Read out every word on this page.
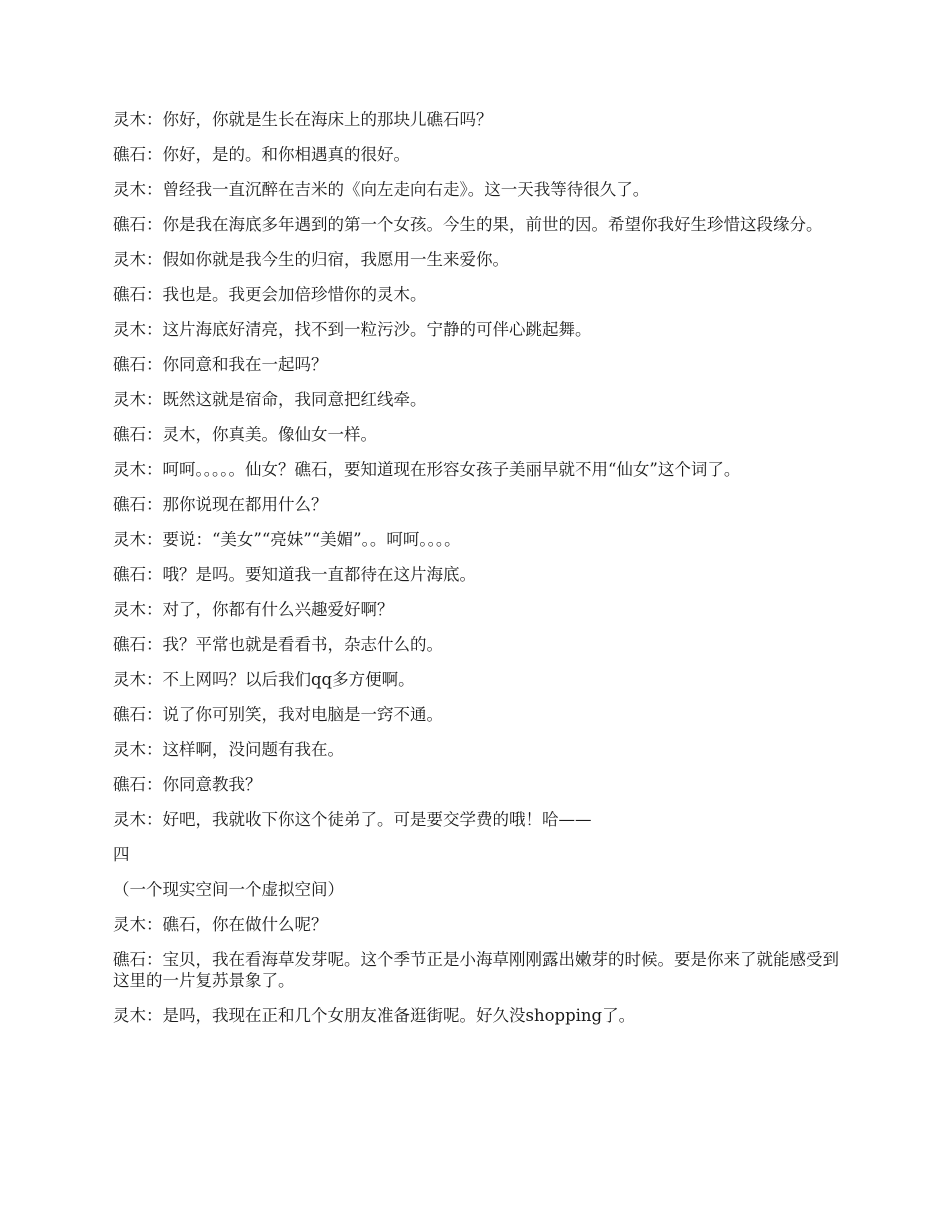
灵木：你好，你就是生长在海床上的那块儿礁石吗？

礁石：你好，是的。和你相遇真的很好。

灵木：曾经我一直沉醉在吉米的《向左走向右走》。这一天我等待很久了。

礁石：你是我在海底多年遇到的第一个女孩。今生的果，前世的因。希望你我好生珍惜这段缘分。

灵木：假如你就是我今生的归宿，我愿用一生来爱你。

礁石：我也是。我更会加倍珍惜你的灵木。

灵木：这片海底好清亮，找不到一粒污沙。宁静的可伴心跳起舞。

礁石：你同意和我在一起吗？

灵木：既然这就是宿命，我同意把红线牵。

礁石：灵木，你真美。像仙女一样。

灵木：呵呵。。。。。仙女？礁石，要知道现在形容女孩子美丽早就不用“仙女”这个词了。

礁石：那你说现在都用什么？

灵木：要说：“美女”“亮妹”“美媚”。。呵呵。。。。

礁石：哦？是吗。要知道我一直都待在这片海底。

灵木：对了，你都有什么兴趣爱好啊？

礁石：我？平常也就是看看书，杂志什么的。

灵木：不上网吗？以后我们qq多方便啊。

礁石：说了你可别笑，我对电脑是一窍不通。

灵木：这样啊，没问题有我在。

礁石：你同意教我？

灵木：好吧，我就收下你这个徒弟了。可是要交学费的哦！哈——

四

（一个现实空间一个虚拟空间）

灵木：礁石，你在做什么呢？

礁石：宝贝，我在看海草发芽呢。这个季节正是小海草刚刚露出嫩芽的时候。要是你来了就能感受到这里的一片复苏景象了。

灵木：是吗，我现在正和几个女朋友准备逛街呢。好久没shopping了。
